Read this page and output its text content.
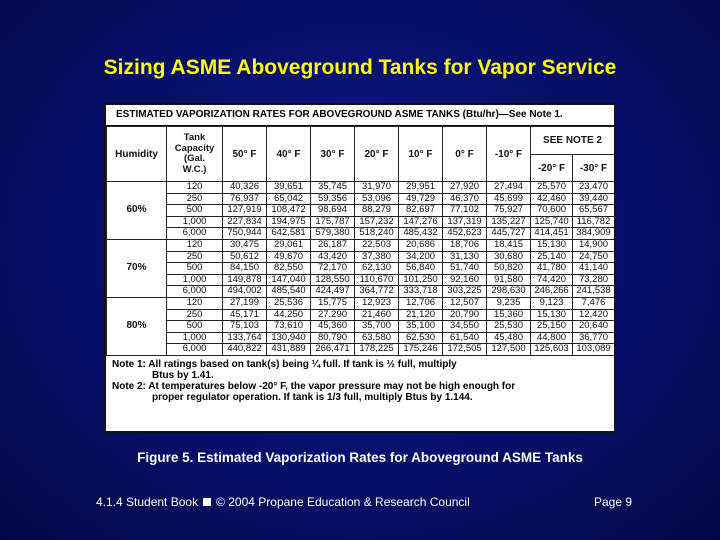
Sizing ASME Aboveground Tanks for Vapor Service
ESTIMATED VAPORIZATION RATES FOR ABOVEGROUND ASME TANKS (Btu/hr)—See Note 1.
Humidity	Tank
Capacity
(Gal.
W.C.)	50° F	40° F	30° F	20° F	10° F	0° F	-10° F	SEE NOTE 2	
									-20° F	-30° F
60%	120	40,326	39,651	35,745	31,970	29,951	27,920	27,494	25,570	23,470
	250	76,937	65,042	59,356	53,096	49,729	46,370	45,699	42,460	39,440
	500	127,919	108,472	98,694	88,279	82,697	77,102	75,927	70,600	65,567
	1,000	227,834	194,975	175,787	157,232	147,276	137,319	135,227	125,740	116,782
	6,000	750,944	642,581	579,380	518,240	485,432	452,623	445,727	414,451	384,909
70%	120	30,475	29,061	26,187	22,503	20,686	18,706	18,415	15,130	14,900
	250	50,612	49,670	43,420	37,380	34,200	31,130	30,680	25,140	24,750
	500	84,150	82,550	72,170	62,130	56,840	51,740	50,820	41,780	41,140
	1,000	149,878	147,040	128,550	110,670	101,250	92,160	91,580	74,420	73,280
	6,000	494,002	485,540	424,497	364,772	333,718	303,225	298,630	246,266	241,538
80%	120	27,199	25,536	15,775	12,923	12,706	12,507	9,235	9,123	7,476
	250	45,171	44,250	27,290	21,460	21,120	20,790	15,360	15,130	12,420
	500	75,103	73,610	45,360	35,700	35,100	34,550	25,530	25,150	20,640
	1,000	133,764	130,940	80,790	63,580	62,530	61,540	45,480	44,800	36,770
	6,000	440,822	431,889	266,471	178,225	175,246	172,505	127,500	125,603	103,089
Note 1: All ratings based on tank(s) being ¼ full. If tank is ½ full, multiply
Btus by 1.41.
Note 2: At temperatures below -20° F, the vapor pressure may not be high enough for
proper regulator operation. If tank is 1/3 full, multiply Btus by 1.144.
Figure 5. Estimated Vaporization Rates for Aboveground ASME Tanks
4.1.4 Student Book © 2004 Propane Education & Research Council	Page 9
